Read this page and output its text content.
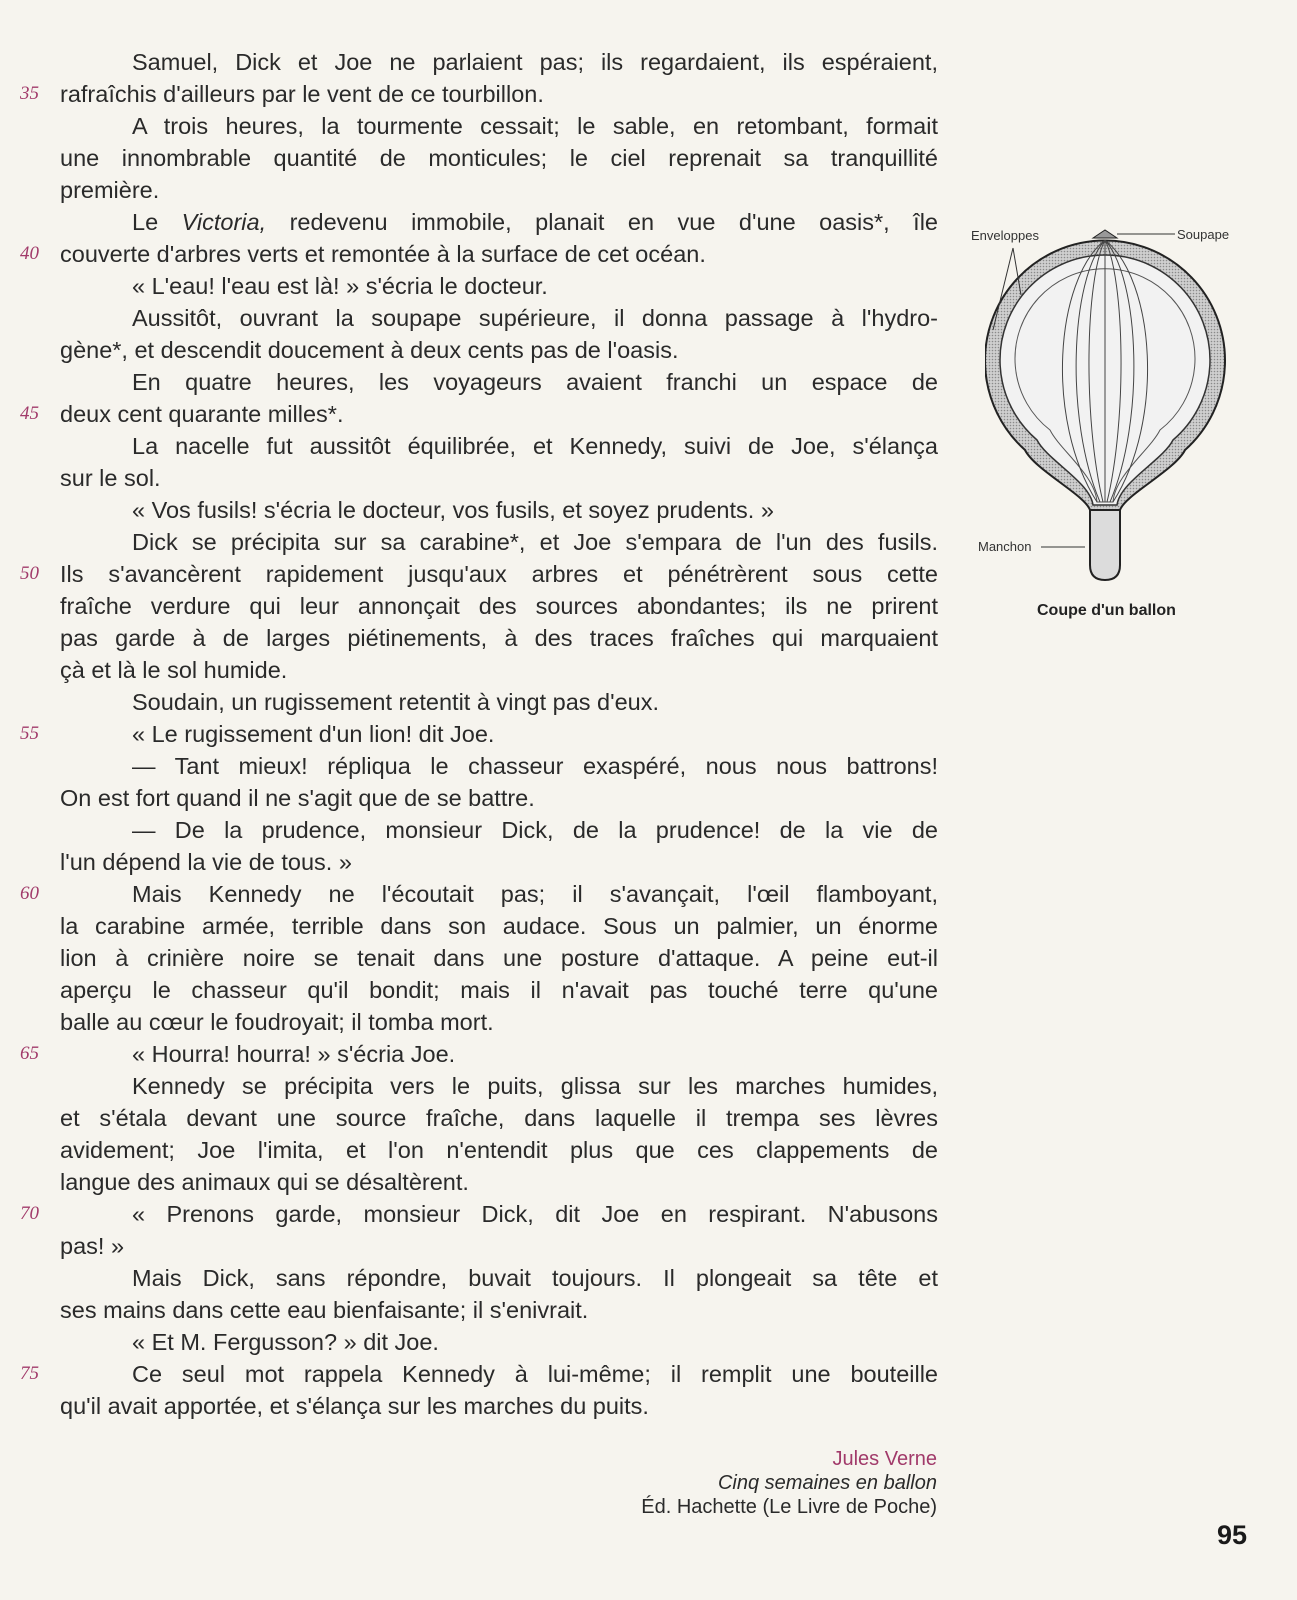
Samuel, Dick et Joe ne parlaient pas; ils regardaient, ils espéraient,
35 rafraîchis d'ailleurs par le vent de ce tourbillon.
A trois heures, la tourmente cessait; le sable, en retombant, formait
une innombrable quantité de monticules; le ciel reprenait sa tranquillité
première.
Le Victoria, redevenu immobile, planait en vue d'une oasis*, île
40 couverte d'arbres verts et remontée à la surface de cet océan.
« L'eau! l'eau est là! » s'écria le docteur.
Aussitôt, ouvrant la soupape supérieure, il donna passage à l'hydro-
gène*, et descendit doucement à deux cents pas de l'oasis.
En quatre heures, les voyageurs avaient franchi un espace de
45 deux cent quarante milles*.
La nacelle fut aussitôt équilibrée, et Kennedy, suivi de Joe, s'élança
sur le sol.
« Vos fusils! s'écria le docteur, vos fusils, et soyez prudents. »
Dick se précipita sur sa carabine*, et Joe s'empara de l'un des fusils.
50 Ils s'avancèrent rapidement jusqu'aux arbres et pénétrèrent sous cette
fraîche verdure qui leur annonçait des sources abondantes; ils ne prirent
pas garde à de larges piétinements, à des traces fraîches qui marquaient
çà et là le sol humide.
Soudain, un rugissement retentit à vingt pas d'eux.
55	« Le rugissement d'un lion! dit Joe.
— Tant mieux! répliqua le chasseur exaspéré, nous nous battrons!
On est fort quand il ne s'agit que de se battre.
— De la prudence, monsieur Dick, de la prudence! de la vie de
l'un dépend la vie de tous. »
60	Mais Kennedy ne l'écoutait pas; il s'avançait, l'œil flamboyant,
la carabine armée, terrible dans son audace. Sous un palmier, un énorme
lion à crinière noire se tenait dans une posture d'attaque. A peine eut-il
aperçu le chasseur qu'il bondit; mais il n'avait pas touché terre qu'une
balle au cœur le foudroyait; il tomba mort.
65	« Hourra! hourra! » s'écria Joe.
Kennedy se précipita vers le puits, glissa sur les marches humides,
et s'étala devant une source fraîche, dans laquelle il trempa ses lèvres
avidement; Joe l'imita, et l'on n'entendit plus que ces clappements de
langue des animaux qui se désaltèrent.
70	« Prenons garde, monsieur Dick, dit Joe en respirant. N'abusons
pas! »
Mais Dick, sans répondre, buvait toujours. Il plongeait sa tête et
ses mains dans cette eau bienfaisante; il s'enivrait.
« Et M. Fergusson? » dit Joe.
75	Ce seul mot rappela Kennedy à lui-même; il remplit une bouteille
qu'il avait apportée, et s'élança sur les marches du puits.
Jules Verne
Cinq semaines en ballon
Éd. Hachette (Le Livre de Poche)
95
Enveloppes	Soupape
Manchon
Coupe d'un ballon
